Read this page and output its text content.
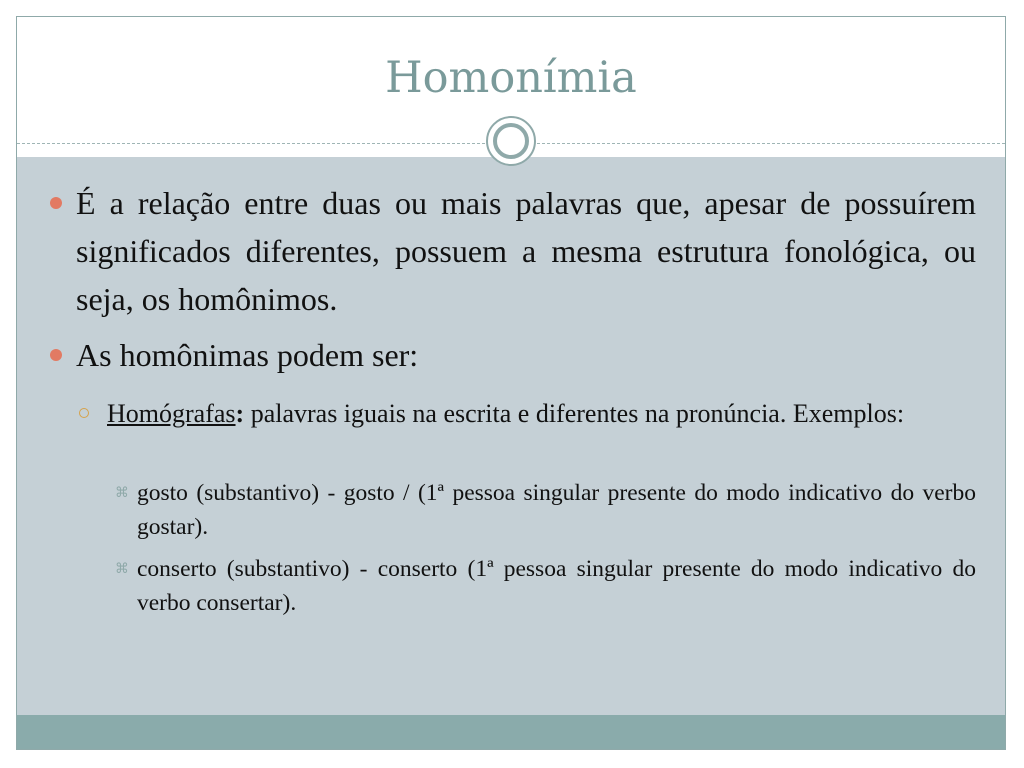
Homonímia
É a relação entre duas ou mais palavras que, apesar de possuírem significados diferentes, possuem a mesma estrutura fonológica, ou seja, os homônimos.
As homônimas podem ser:
Homógrafas: palavras iguais na escrita e diferentes na pronúncia. Exemplos:
⌘ gosto (substantivo) - gosto / (1ª pessoa singular presente do modo indicativo do verbo gostar).
⌘ conserto (substantivo) - conserto (1ª pessoa singular presente do modo indicativo do verbo consertar).
